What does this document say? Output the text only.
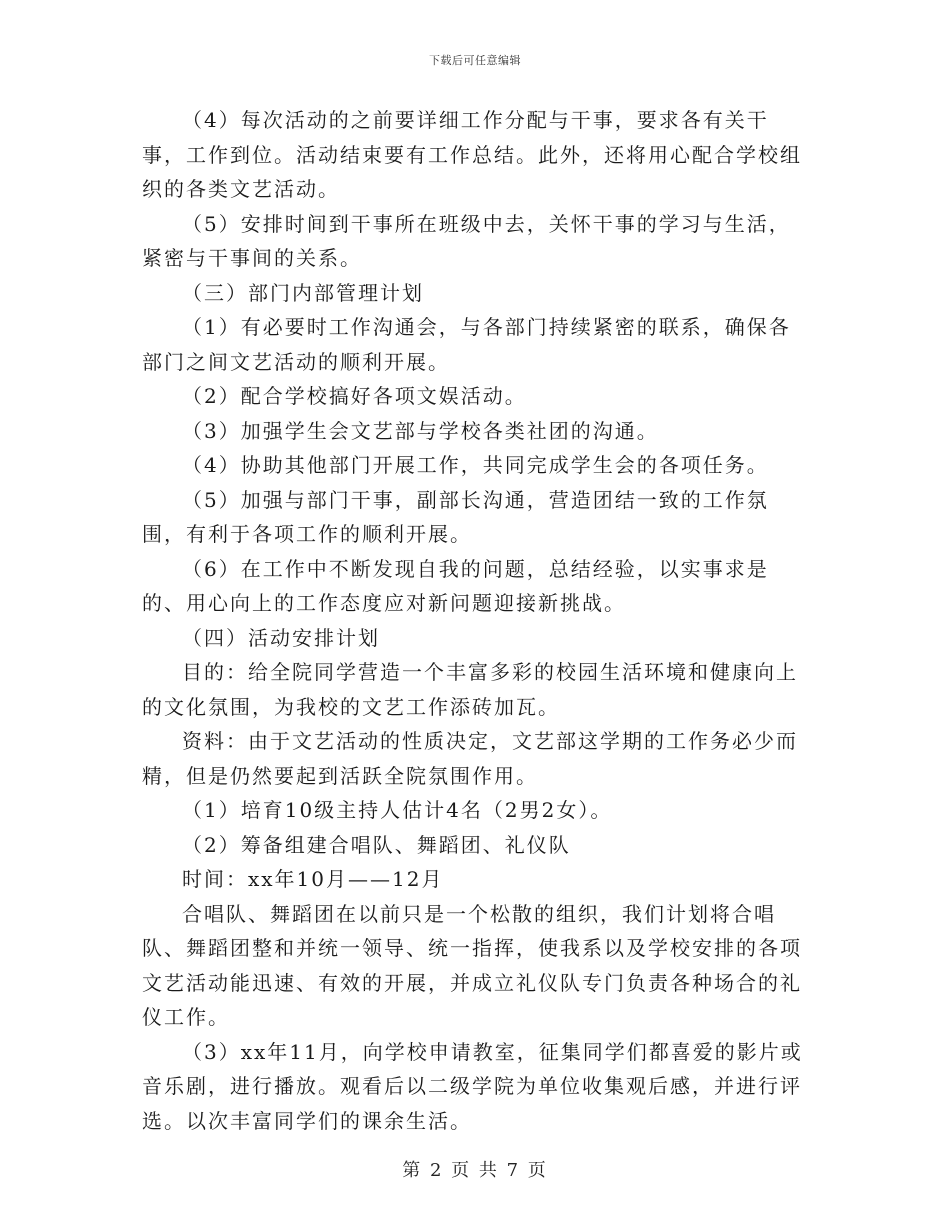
下载后可任意编辑

（4）每次活动的之前要详细工作分配与干事，要求各有关干事，工作到位。活动结束要有工作总结。此外，还将用心配合学校组织的各类文艺活动。

（5）安排时间到干事所在班级中去，关怀干事的学习与生活，紧密与干事间的关系。

（三）部门内部管理计划

（1）有必要时工作沟通会，与各部门持续紧密的联系，确保各部门之间文艺活动的顺利开展。

（2）配合学校搞好各项文娱活动。

（3）加强学生会文艺部与学校各类社团的沟通。

（4）协助其他部门开展工作，共同完成学生会的各项任务。

（5）加强与部门干事，副部长沟通，营造团结一致的工作氛围，有利于各项工作的顺利开展。

（6）在工作中不断发现自我的问题，总结经验，以实事求是的、用心向上的工作态度应对新问题迎接新挑战。

（四）活动安排计划

目的：给全院同学营造一个丰富多彩的校园生活环境和健康向上的文化氛围，为我校的文艺工作添砖加瓦。

资料：由于文艺活动的性质决定，文艺部这学期的工作务必少而精，但是仍然要起到活跃全院氛围作用。

（1）培育10级主持人估计4名（2男2女）。

（2）筹备组建合唱队、舞蹈团、礼仪队

时间：xx年10月——12月

合唱队、舞蹈团在以前只是一个松散的组织，我们计划将合唱队、舞蹈团整和并统一领导、统一指挥，使我系以及学校安排的各项文艺活动能迅速、有效的开展，并成立礼仪队专门负责各种场合的礼仪工作。

（3）xx年11月，向学校申请教室，征集同学们都喜爱的影片或音乐剧，进行播放。观看后以二级学院为单位收集观后感，并进行评选。以次丰富同学们的课余生活。

第 2 页 共 7 页
